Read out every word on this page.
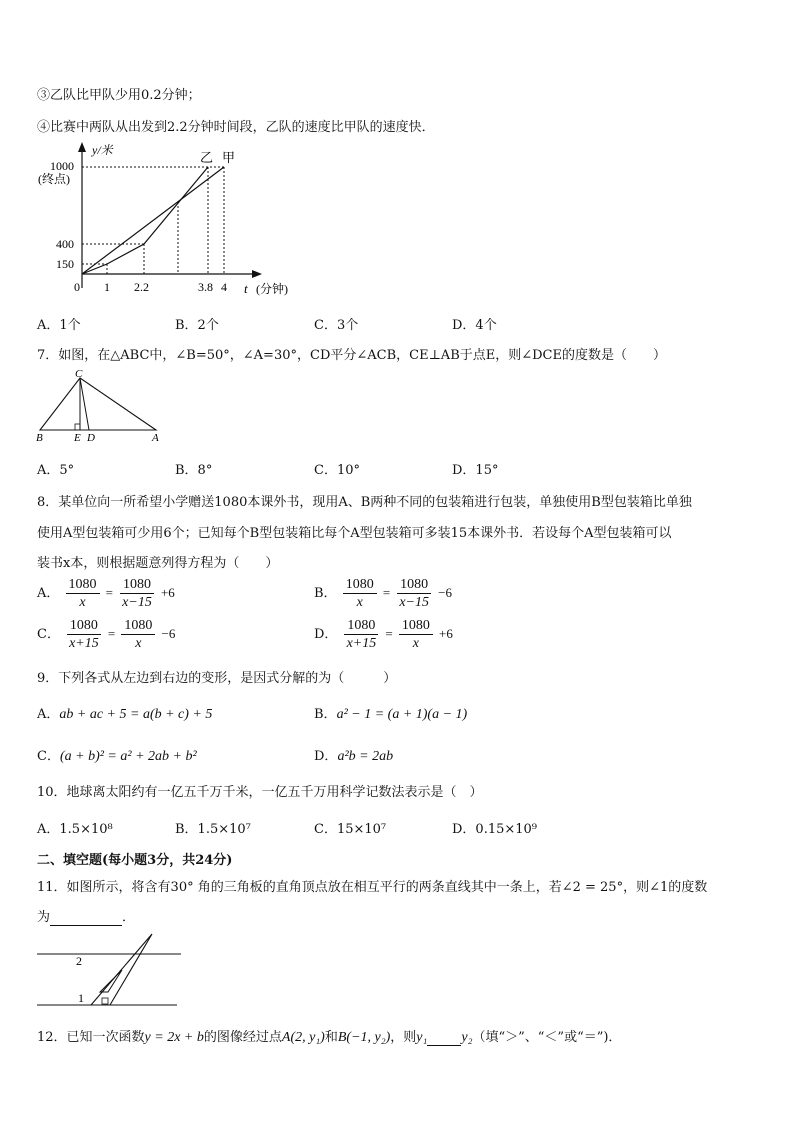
③乙队比甲队少用0.2分钟；
④比赛中两队从出发到2.2分钟时间段，乙队的速度比甲队的速度快．
y/米
1000
(终点)
400
150
0 1 2.2	3.8 4 t (分钟)
乙 甲
A．1个	B．2个	C．3个	D．4个
7．如图，在△ABC中，∠B=50°，∠A=30°，CD平分∠ACB，CE⊥AB于点E，则∠DCE的度数是（　　）
C
B	E D	A
A．5°	B．8°	C．10°	D．15°
8．某单位向一所希望小学赠送1080本课外书，现用A、B两种不同的包装箱进行包装，单独使用B型包装箱比单独
使用A型包装箱可少用6个；已知每个B型包装箱比每个A型包装箱可多装15本课外书．若设每个A型包装箱可以
装书x本，则根据题意列得方程为（　　）
A． $\frac{1080}{x} = \frac{1080}{x-15} +6$	B． $\frac{1080}{x} = \frac{1080}{x-15} -6$
C． $\frac{1080}{x+15} = \frac{1080}{x} -6$	D． $\frac{1080}{x+15} = \frac{1080}{x} +6$
9．下列各式从左边到右边的变形，是因式分解的为（　　　）
A．ab + ac + 5 = a(b + c) + 5	B．a² − 1 = (a + 1)(a − 1)
C．(a + b)² = a² + 2ab + b²	D．a²b = 2ab
10．地球离太阳约有一亿五千万千米，一亿五千万用科学记数法表示是（　）
A．1.5×10⁸	B．1.5×10⁷	C．15×10⁷	D．0.15×10⁹
二、填空题(每小题3分，共24分)
11．如图所示，将含有30° 角的三角板的直角顶点放在相互平行的两条直线其中一条上，若∠2 = 25°，则∠1的度数
为	．
2
1
12．已知一次函数y = 2x + b的图像经过点A(2, y₁)和B(−1, y₂)，则y₁ y₂（填“＞”、“＜”或“＝”)．
